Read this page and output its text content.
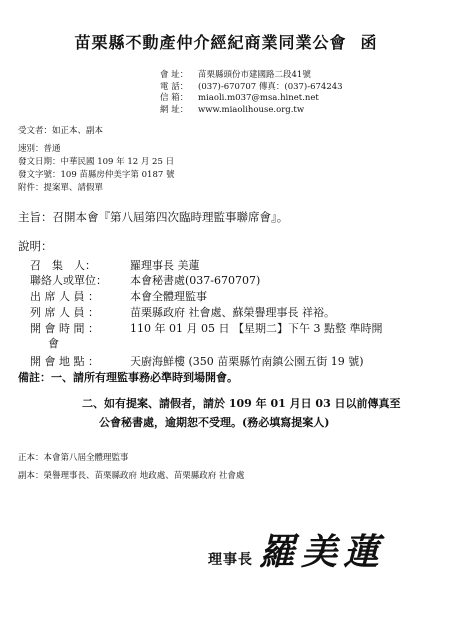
苗栗縣不動產仲介經紀商業同業公會 函
會 址：	苗栗縣頭份市建國路二段41號
電 話：	(037)-670707 傳真：(037)-674243
信 箱：	miaoli.m037@msa.hinet.net
網 址：	www.miaolihouse.org.tw
受文者：如正本、副本
速別：普通
發文日期：中華民國 109 年 12 月 25 日
發文字號：109 苗縣房仲美字第 0187 號
附件：提案單、請假單
主旨：召開本會『第八屆第四次臨時理監事聯席會』。
說明：
召　集　人：	羅理事長 美蓮
聯絡人或單位：	本會秘書處(037-670707)
出 席 人 員 ：	本會全體理監事
列 席 人 員 ：	苗栗縣政府 社會處、蘇榮譽理事長 祥裕。
開 會 時 間 ：	110 年 01 月 05 日 【星期二】下午 3 點整 準時開
會
開 會 地 點 ：	天廚海鮮樓 (350 苗栗縣竹南鎮公園五街 19 號)
備註：一、請所有理監事務必準時到場開會。
二、如有提案、請假者，請於 109 年 01 月日 03 日以前傳真至
公會秘書處，逾期恕不受理。(務必填寫提案人)
正本：本會第八屆全體理監事
副本：榮譽理事長、苗栗縣政府 地政處、苗栗縣政府 社會處
理事長 羅美蓮
